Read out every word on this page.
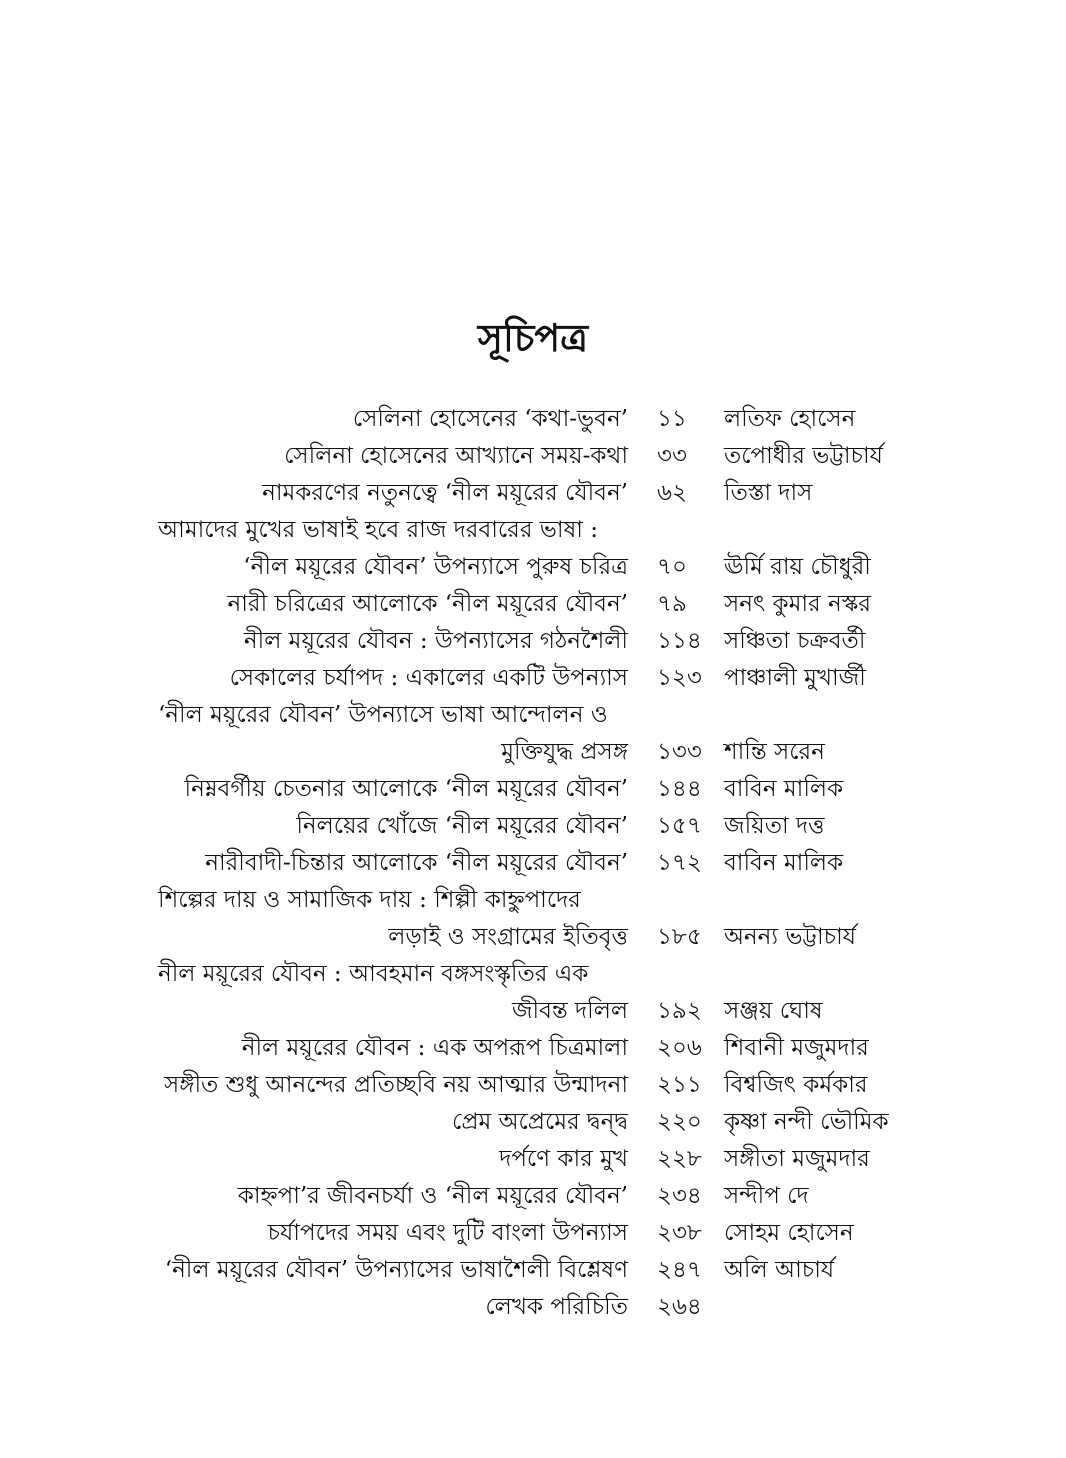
সূচিপত্র
সেলিনা হোসেনের ‘কথা-ভুবন’ ১১	লতিফ হোসেন
সেলিনা হোসেনের আখ্যানে সময়-কথা ৩৩	তপোধীর ভট্টাচার্য
নামকরণের নতুনত্বে ‘নীল ময়ূরের যৌবন’ ৬২	তিস্তা দাস
আমাদের মুখের ভাষাই হবে রাজ দরবারের ভাষা :
‘নীল ময়ূরের যৌবন’ উপন্যাসে পুরুষ চরিত্র ৭০	ঊর্মি রায় চৌধুরী
নারী চরিত্রের আলোকে ‘নীল ময়ূরের যৌবন’ ৭৯	সনৎ কুমার নস্কর
নীল ময়ূরের যৌবন : উপন্যাসের গঠনশৈলী ১১৪ সঞ্চিতা চক্রবর্তী
সেকালের চর্যাপদ : একালের একটি উপন্যাস ১২৩ পাঞ্চালী মুখার্জী
‘নীল ময়ূরের যৌবন’ উপন্যাসে ভাষা আন্দোলন ও
মুক্তিযুদ্ধ প্রসঙ্গ ১৩৩ শান্তি সরেন
নিম্নবর্গীয় চেতনার আলোকে ‘নীল ময়ূরের যৌবন’ ১৪৪ বাবিন মালিক
নিলয়ের খোঁজে ‘নীল ময়ূরের যৌবন’ ১৫৭ জয়িতা দত্ত
নারীবাদী-চিন্তার আলোকে ‘নীল ময়ূরের যৌবন’ ১৭২ বাবিন মালিক
শিল্পের দায় ও সামাজিক দায় : শিল্পী কাহ্নুপাদের
লড়াই ও সংগ্রামের ইতিবৃত্ত ১৮৫ অনন্য ভট্টাচার্য
নীল ময়ূরের যৌবন : আবহমান বঙ্গসংস্কৃতির এক
জীবন্ত দলিল ১৯২ সঞ্জয় ঘোষ
নীল ময়ূরের যৌবন : এক অপরূপ চিত্রমালা ২০৬ শিবানী মজুমদার
সঙ্গীত শুধু আনন্দের প্রতিচ্ছবি নয় আত্মার উন্মাদনা ২১১ বিশ্বজিৎ কর্মকার
প্রেম অপ্রেমের দ্বন্দ্ব ২২০ কৃষ্ণা নন্দী ভৌমিক
দর্পণে কার মুখ ২২৮ সঙ্গীতা মজুমদার
কাহ্নপা’র জীবনচর্যা ও ‘নীল ময়ূরের যৌবন’ ২৩৪ সন্দীপ দে
চর্যাপদের সময় এবং দুটি বাংলা উপন্যাস ২৩৮ সোহম হোসেন
‘নীল ময়ূরের যৌবন’ উপন্যাসের ভাষাশৈলী বিশ্লেষণ ২৪৭ অলি আচার্য
লেখক পরিচিতি ২৬৪
